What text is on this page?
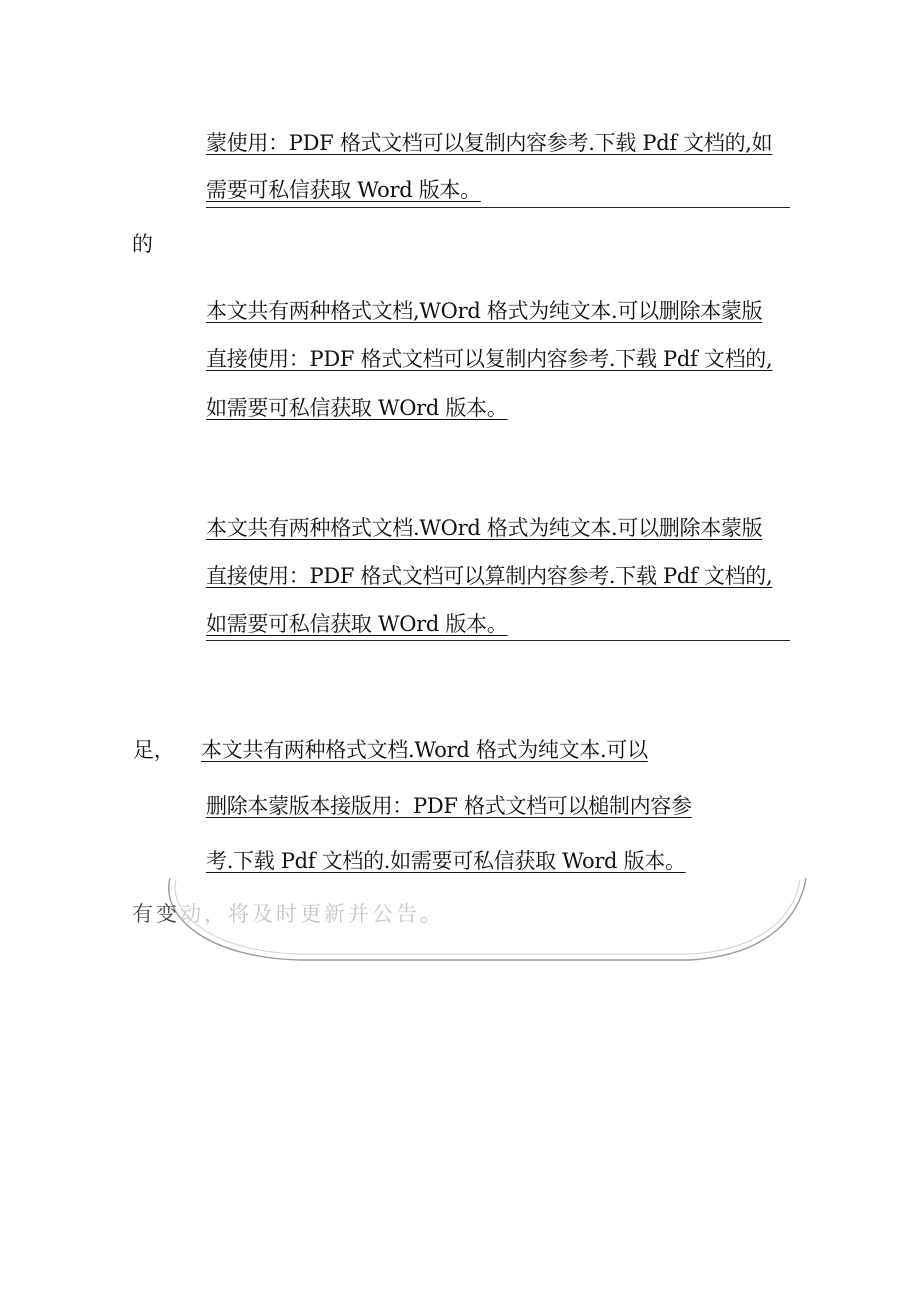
蒙使用：PDF 格式文档可以复制内容参考.下载 Pdf 文档的,如
需要可私信获取 Word 版本。
的
本文共有两种格式文档,WOrd 格式为纯文本.可以删除本蒙版
直接使用：PDF 格式文档可以复制内容参考.下载 Pdf 文档的,
如需要可私信获取 WOrd 版本。
本文共有两种格式文档.WOrd 格式为纯文本.可以删除本蒙版
直接使用：PDF 格式文档可以算制内容参考.下载 Pdf 文档的,
如需要可私信获取 WOrd 版本。
足， 本文共有两种格式文档.Word 格式为纯文本.可以
删除本蒙版本接版用：PDF 格式文档可以槌制内容参
考.下载 Pdf 文档的.如需要可私信获取 Word 版本。
有变动，将及时更新并公告。
